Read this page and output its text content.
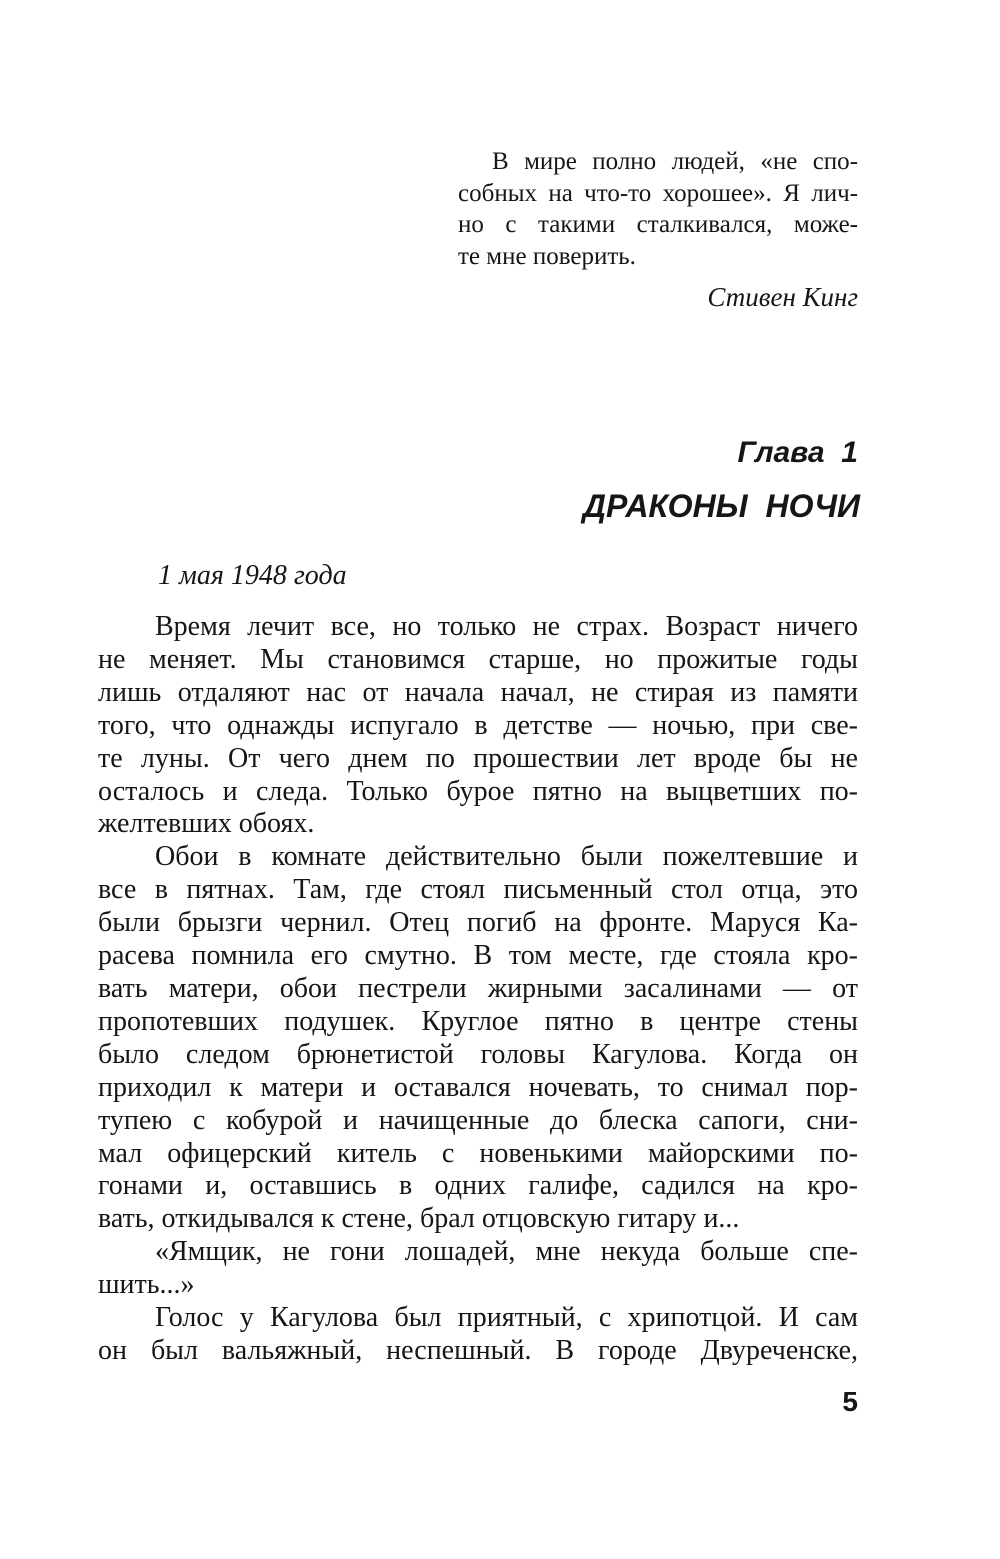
В мире полно людей, «не спо-
собных на что-то хорошее». Я лич-
но с такими сталкивался, може-
те мне поверить.
Стивен Кинг
Глава 1
ДРАКОНЫ НОЧИ
1 мая 1948 года
Время лечит все, но только не страх. Возраст ничего
не меняет. Мы становимся старше, но прожитые годы
лишь отдаляют нас от начала начал, не стирая из памяти
того, что однажды испугало в детстве — ночью, при све-
те луны. От чего днем по прошествии лет вроде бы не
осталось и следа. Только бурое пятно на выцветших по-
желтевших обоях.
Обои в комнате действительно были пожелтевшие и
все в пятнах. Там, где стоял письменный стол отца, это
были брызги чернил. Отец погиб на фронте. Маруся Ка-
расева помнила его смутно. В том месте, где стояла кро-
вать матери, обои пестрели жирными засалинами — от
пропотевших подушек. Круглое пятно в центре стены
было следом брюнетистой головы Кагулова. Когда он
приходил к матери и оставался ночевать, то снимал пор-
тупею с кобурой и начищенные до блеска сапоги, сни-
мал офицерский китель с новенькими майорскими по-
гонами и, оставшись в одних галифе, садился на кро-
вать, откидывался к стене, брал отцовскую гитару и...
«Ямщик, не гони лошадей, мне некуда больше спе-
шить...»
Голос у Кагулова был приятный, с хрипотцой. И сам
он был вальяжный, неспешный. В городе Двуреченске,
5
